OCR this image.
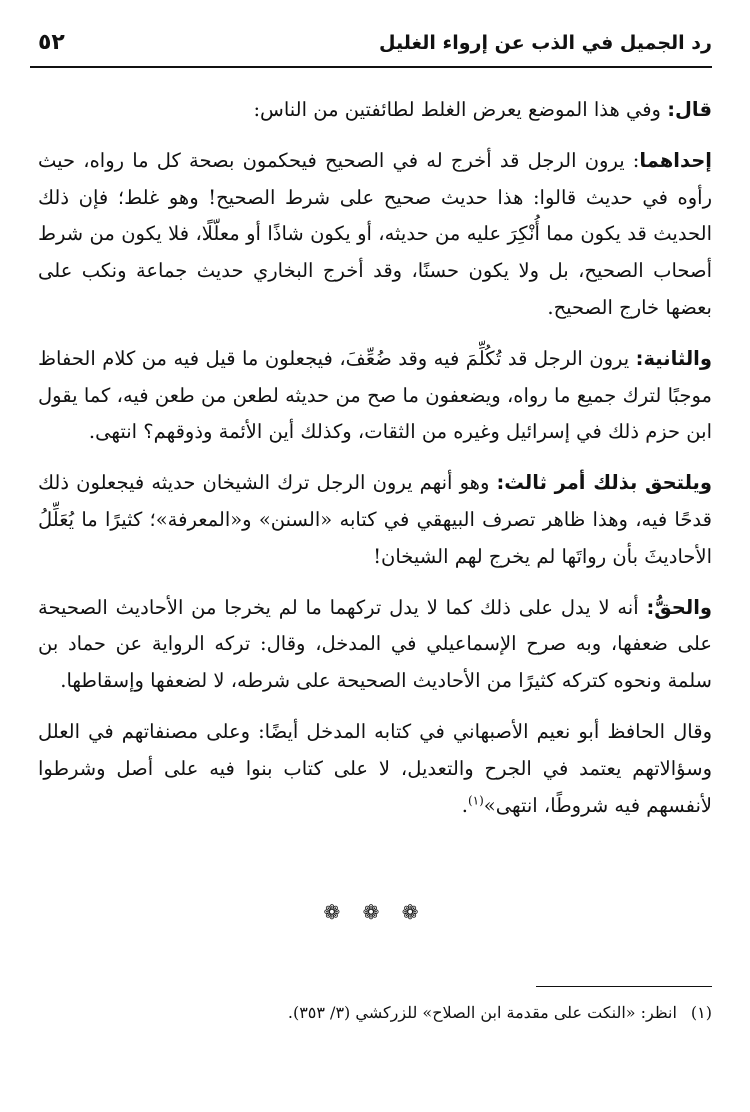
رد الجميل في الذب عن إرواء الغليل
٥٢

قال: وفي هذا الموضع يعرض الغلط لطائفتين من الناس:

إحداهما: يرون الرجل قد أخرج له في الصحيح فيحكمون بصحة كل ما رواه، حيث رأوه في حديث قالوا: هذا حديث صحيح على شرط الصحيح! وهو غلط؛ فإن ذلك الحديث قد يكون مما أُنْكِرَ عليه من حديثه، أو يكون شاذًا أو معلّلًا، فلا يكون من شرط أصحاب الصحيح، بل ولا يكون حسنًا، وقد أخرج البخاري حديث جماعة ونكب على بعضها خارج الصحيح.

والثانية: يرون الرجل قد تُكُلِّمَ فيه وقد ضُعِّفَ، فيجعلون ما قيل فيه من كلام الحفاظ موجبًا لترك جميع ما رواه، ويضعفون ما صح من حديثه لطعن من طعن فيه، كما يقول ابن حزم ذلك في إسرائيل وغيره من الثقات، وكذلك أين الأئمة وذوقهم؟ انتهى.

ويلتحق بذلك أمر ثالث: وهو أنهم يرون الرجل ترك الشيخان حديثه فيجعلون ذلك قدحًا فيه، وهذا ظاهر تصرف البيهقي في كتابه «السنن» و«المعرفة»؛ كثيرًا ما يُعَلِّلُ الأحاديثَ بأن رواتَها لم يخرج لهم الشيخان!

والحقُّ: أنه لا يدل على ذلك كما لا يدل تركهما ما لم يخرجا من الأحاديث الصحيحة على ضعفها، وبه صرح الإسماعيلي في المدخل، وقال: تركه الرواية عن حماد بن سلمة ونحوه كتركه كثيرًا من الأحاديث الصحيحة على شرطه، لا لضعفها وإسقاطها.

وقال الحافظ أبو نعيم الأصبهاني في كتابه المدخل أيضًا: وعلى مصنفاتهم في العلل وسؤالاتهم يعتمد في الجرح والتعديل، لا على كتاب بنوا فيه على أصل وشرطوا لأنفسهم فيه شروطًا، انتهى»$^{(١)}$.

❁ ❁ ❁
(١)انظر: «النكت على مقدمة ابن الصلاح» للزركشي (٣/ ٣٥٣).
